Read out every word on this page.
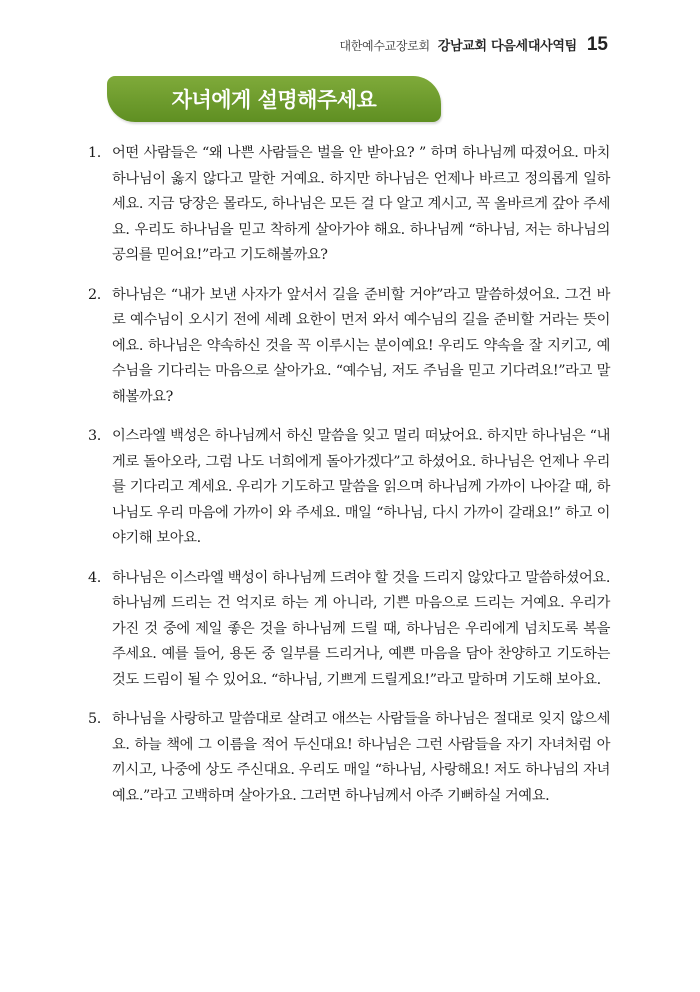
대한예수교장로회 강남교회 다음세대사역팀 15
자녀에게 설명해주세요
1. 어떤 사람들은 “왜 나쁜 사람들은 벌을 안 받아요? ” 하며 하나님께 따졌어요. 마치 하나님이 옳지 않다고 말한 거예요. 하지만 하나님은 언제나 바르고 정의롭게 일하세요. 지금 당장은 몰라도, 하나님은 모든 걸 다 알고 계시고, 꼭 올바르게 갚아 주세요. 우리도 하나님을 믿고 착하게 살아가야 해요. 하나님께 “하나님, 저는 하나님의 공의를 믿어요!”라고 기도해볼까요?
2. 하나님은 “내가 보낸 사자가 앞서서 길을 준비할 거야”라고 말씀하셨어요. 그건 바로 예수님이 오시기 전에 세례 요한이 먼저 와서 예수님의 길을 준비할 거라는 뜻이에요. 하나님은 약속하신 것을 꼭 이루시는 분이예요! 우리도 약속을 잘 지키고, 예수님을 기다리는 마음으로 살아가요. “예수님, 저도 주님을 믿고 기다려요!”라고 말해볼까요?
3. 이스라엘 백성은 하나님께서 하신 말씀을 잊고 멀리 떠났어요. 하지만 하나님은 “내게로 돌아오라, 그럼 나도 너희에게 돌아가겠다”고 하셨어요. 하나님은 언제나 우리를 기다리고 계세요. 우리가 기도하고 말씀을 읽으며 하나님께 가까이 나아갈 때, 하나님도 우리 마음에 가까이 와 주세요. 매일 “하나님, 다시 가까이 갈래요!” 하고 이야기해 보아요.
4. 하나님은 이스라엘 백성이 하나님께 드려야 할 것을 드리지 않았다고 말씀하셨어요. 하나님께 드리는 건 억지로 하는 게 아니라, 기쁜 마음으로 드리는 거예요. 우리가 가진 것 중에 제일 좋은 것을 하나님께 드릴 때, 하나님은 우리에게 넘치도록 복을 주세요. 예를 들어, 용돈 중 일부를 드리거나, 예쁜 마음을 담아 찬양하고 기도하는 것도 드림이 될 수 있어요. “하나님, 기쁘게 드릴게요!”라고 말하며 기도해 보아요.
5. 하나님을 사랑하고 말씀대로 살려고 애쓰는 사람들을 하나님은 절대로 잊지 않으세요. 하늘 책에 그 이름을 적어 두신대요! 하나님은 그런 사람들을 자기 자녀처럼 아끼시고, 나중에 상도 주신대요. 우리도 매일 “하나님, 사랑해요! 저도 하나님의 자녀예요.”라고 고백하며 살아가요. 그러면 하나님께서 아주 기뻐하실 거예요.
